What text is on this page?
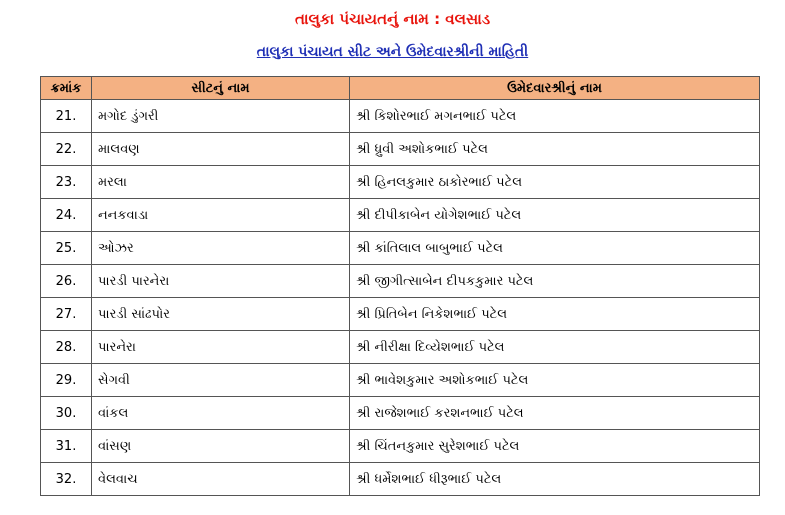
તાલુકા પંચાયતનું નામ : વલસાડ
તાલુકા પંચાયત સીટ અને ઉમેદવારશ્રીની માહિતી
ક્રમાંક	સીટનું નામ	ઉમેદવારશ્રીનું નામ
21.	મગોદ ડુંગરી	શ્રી કિશોરભાઈ મગનભાઈ પટેલ
22.	માલવણ	શ્રી ધ્રુવી અશોકભાઈ પટેલ
23.	મરલા	શ્રી હિનલકુમાર ઠાકોરભાઈ પટેલ
24.	નનકવાડા	શ્રી દીપીકાબેન યોગેશભાઈ પટેલ
25.	ઓઝર	શ્રી કાંતિલાલ બાબુભાઈ પટેલ
26.	પારડી પારનેરા	શ્રી જીગીત્સાબેન દીપકકુમાર પટેલ
27.	પારડી સાંઢપોર	શ્રી પ્રિતિબેન નિકેશભાઈ પટેલ
28.	પારનેરા	શ્રી નીરીક્ષા દિવ્યેશભાઈ પટેલ
29.	સેગવી	શ્રી ભાવેશકુમાર અશોકભાઈ પટેલ
30.	વાંકલ	શ્રી રાજેશભાઈ કરશનભાઈ પટેલ
31.	વાંસણ	શ્રી ચિંતનકુમાર સુરેશભાઈ પટેલ
32.	વેલવાચ	શ્રી ધર્મેશભાઈ ધીરૂભાઈ પટેલ
